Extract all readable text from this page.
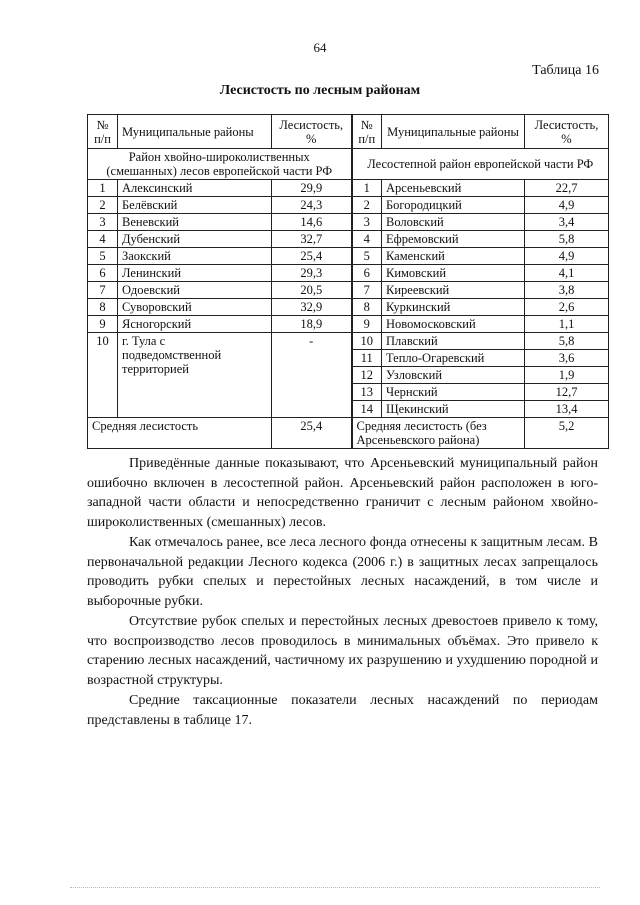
64
Таблица 16
Лесистость по лесным районам
№ п/п	Муниципальные районы	Лесистость, %	№ п/п	Муниципальные районы	Лесистость, %
Район хвойно-широколиственных (смешанных) лесов европейской части РФ			Лесостепной район европейской части РФ		
1	Алексинский	29,9	1	Арсеньевский	22,7
2	Белёвский	24,3	2	Богородицкий	4,9
3	Веневский	14,6	3	Воловский	3,4
4	Дубенский	32,7	4	Ефремовский	5,8
5	Заокский	25,4	5	Каменский	4,9
6	Ленинский	29,3	6	Кимовский	4,1
7	Одоевский	20,5	7	Киреевский	3,8
8	Суворовский	32,9	8	Куркинский	2,6
9	Ясногорский	18,9	9	Новомосковский	1,1
10	г. Тула с подведомственной территорией	-	10	Плавский	5,8
			11	Тепло-Огаревский	3,6
			12	Узловский	1,9
			13	Чернский	12,7
			14	Щекинский	13,4
Средняя лесистость		25,4	Средняя лесистость (без Арсеньевского района)		5,2

Приведённые данные показывают, что Арсеньевский муниципальный район ошибочно включен в лесостепной район. Арсеньевский район расположен в юго-западной части области и непосредственно граничит с лесным районом хвойно-широколиственных (смешанных) лесов.

Как отмечалось ранее, все леса лесного фонда отнесены к защитным лесам. В первоначальной редакции Лесного кодекса (2006 г.) в защитных лесах запрещалось проводить рубки спелых и перестойных лесных насаждений, в том числе и выборочные рубки.

Отсутствие рубок спелых и перестойных лесных древостоев привело к тому, что воспроизводство лесов проводилось в минимальных объёмах. Это привело к старению лесных насаждений, частичному их разрушению и ухудшению породной и возрастной структуры.

Средние таксационные показатели лесных насаждений по периодам представлены в таблице 17.
